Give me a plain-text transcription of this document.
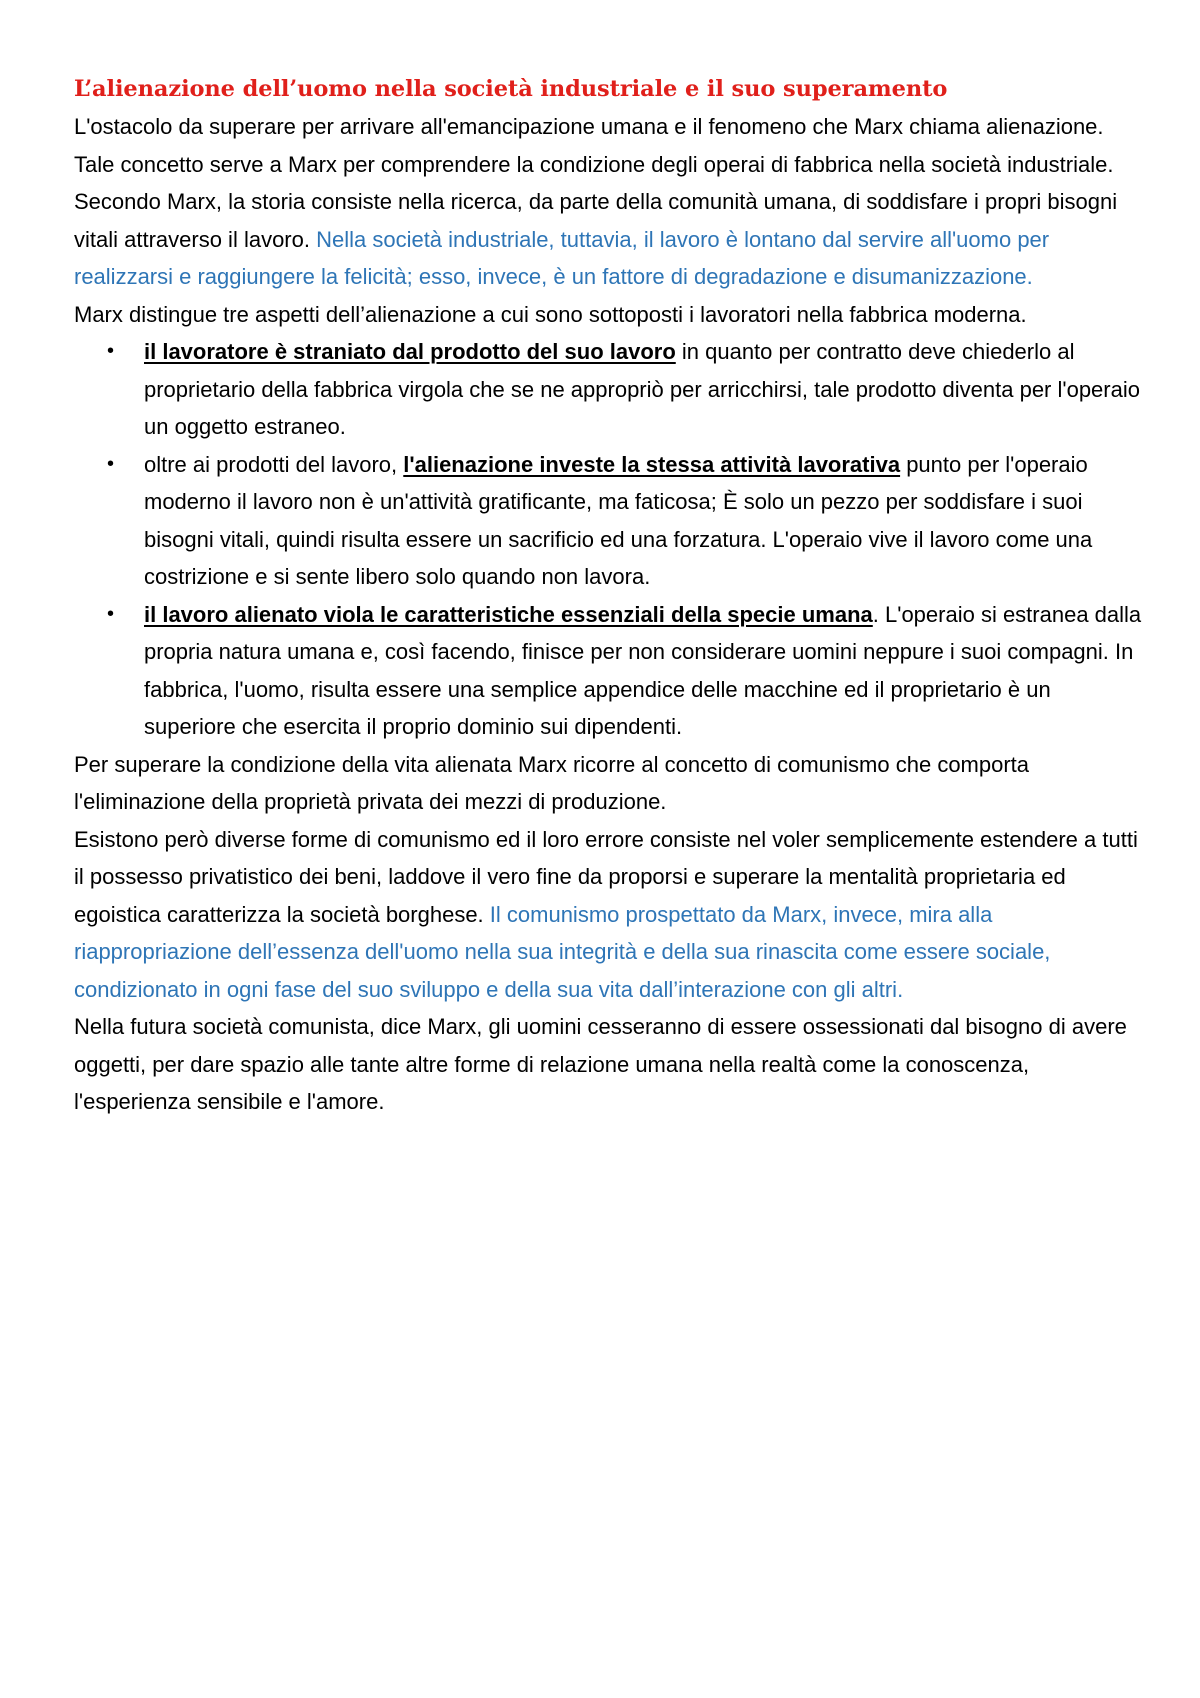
L’alienazione dell’uomo nella società industriale e il suo superamento

L'ostacolo da superare per arrivare all'emancipazione umana e il fenomeno che Marx chiama alienazione. Tale concetto serve a Marx per comprendere la condizione degli operai di fabbrica nella società industriale.

Secondo Marx, la storia consiste nella ricerca, da parte della comunità umana, di soddisfare i propri bisogni vitali attraverso il lavoro. Nella società industriale, tuttavia, il lavoro è lontano dal servire all'uomo per realizzarsi e raggiungere la felicità; esso, invece, è un fattore di degradazione e disumanizzazione.

Marx distingue tre aspetti dell’alienazione a cui sono sottoposti i lavoratori nella fabbrica moderna.

• il lavoratore è straniato dal prodotto del suo lavoro in quanto per contratto deve chiederlo al proprietario della fabbrica virgola che se ne appropriò per arricchirsi, tale prodotto diventa per l'operaio un oggetto estraneo.
• oltre ai prodotti del lavoro, l'alienazione investe la stessa attività lavorativa punto per l'operaio moderno il lavoro non è un'attività gratificante, ma faticosa; È solo un pezzo per soddisfare i suoi bisogni vitali, quindi risulta essere un sacrificio ed una forzatura. L'operaio vive il lavoro come una costrizione e si sente libero solo quando non lavora.
• il lavoro alienato viola le caratteristiche essenziali della specie umana. L'operaio si estranea dalla propria natura umana e, così facendo, finisce per non considerare uomini neppure i suoi compagni. In fabbrica, l'uomo, risulta essere una semplice appendice delle macchine ed il proprietario è un superiore che esercita il proprio dominio sui dipendenti.

Per superare la condizione della vita alienata Marx ricorre al concetto di comunismo che comporta l'eliminazione della proprietà privata dei mezzi di produzione.

Esistono però diverse forme di comunismo ed il loro errore consiste nel voler semplicemente estendere a tutti il possesso privatistico dei beni, laddove il vero fine da proporsi e superare la mentalità proprietaria ed egoistica caratterizza la società borghese. Il comunismo prospettato da Marx, invece, mira alla riappropriazione dell’essenza dell'uomo nella sua integrità e della sua rinascita come essere sociale, condizionato in ogni fase del suo sviluppo e della sua vita dall’interazione con gli altri.

Nella futura società comunista, dice Marx, gli uomini cesseranno di essere ossessionati dal bisogno di avere oggetti, per dare spazio alle tante altre forme di relazione umana nella realtà come la conoscenza, l'esperienza sensibile e l'amore.
